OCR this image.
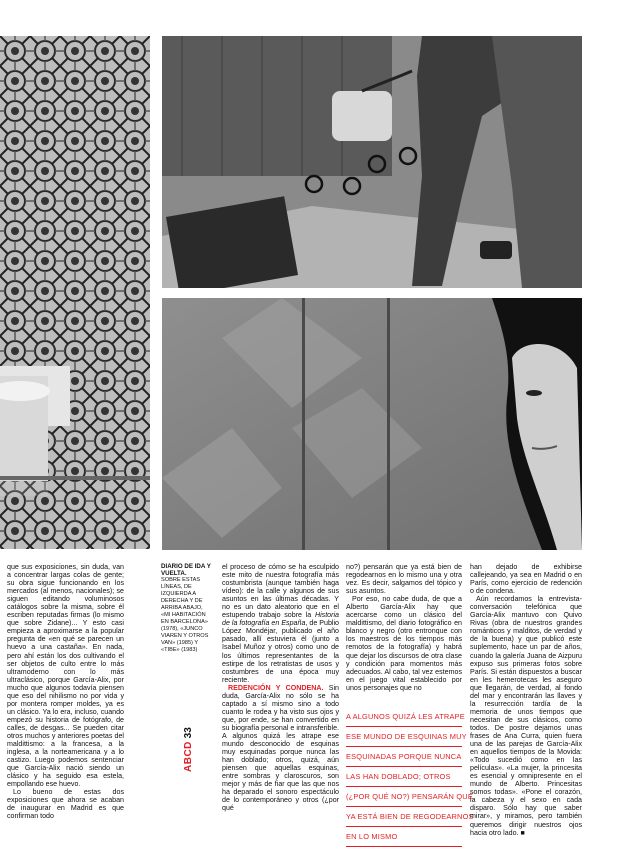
que sus exposiciones, sin duda, van a concentrar largas colas de gente; su obra sigue funcionando en los mercados (al menos, nacionales); se siguen editando voluminosos catálogos sobre la misma, sobre él escriben reputadas firmas (lo mismo que sobre Zidane)... Y esto casi empieza a aproximarse a la popular pregunta de «en qué se parecen un huevo a una castaña». En nada, pero ahí están los dos cultivando el ser objetos de culto entre lo más ultramoderno con lo más ultraclásico, porque García-Alix, por mucho que algunos todavía piensen que eso del nihilismo no por vida y por montera romper moldes, ya es un clásico. Ya lo era, incluso, cuando empezó su historia de fotógrafo, de calles, de desgas... Se pueden citar otros muchos y anteriores poetas del maldittismo: a la francesa, a la inglesa, a la norteamericana y a lo castizo. Luego podemos sentenciar que García-Alix nació siendo un clásico y ha seguido esa estela, empollando ese huevo.

Lo bueno de estas dos exposiciones que ahora se acaban de inaugurar en Madrid es que confirman todo

DIARIO DE IDA Y VUELTA.
SOBRE ESTAS LÍNEAS, DE IZQUIERDA A DERECHA Y DE ARRIBA ABAJO, «MI HABITACIÓN EN BARCELONA» (1978), «JUNCO VIAREN Y OTROS VAN» (1985) Y «TIBE» (1983)

el proceso de cómo se ha esculpido este mito de nuestra fotografía más costumbrista (aunque también haga vídeo): de la calle y algunos de sus asuntos en las últimas décadas. Y no es un dato aleatorio que en el estupendo trabajo sobre la Historia de la fotografía en España, de Publio López Mondéjar, publicado el año pasado, allí estuviera él (junto a Isabel Muñoz y otros) como uno de los últimos representantes de la estirpe de los retratistas de usos y costumbres de una época muy reciente.

REDENCIÓN Y CONDENA. Sin duda, García-Alix no sólo se ha captado a sí mismo sino a todo cuanto le rodea y ha visto sus ojos y que, por ende, se han convertido en su biografía personal e intransferible. A algunos quizá les atrape ese mundo desconocido de esquinas muy esquinadas porque nunca las han doblado; otros, quizá, aún piensen que aquellas esquinas, entre sombras y claroscuros, son mejor y más de fiar que las que nos ha deparado el sonoro espectáculo de lo contemporáneo y otros (¿por qué

no?) pensarán que ya está bien de regodearnos en lo mismo una y otra vez. Es decir, salgamos del tópico y sus asuntos.

Por eso, no cabe duda, de que a Alberto García-Alix hay que acercarse como un clásico del maldittismo, del diario fotográfico en blanco y negro (otro entronque con los maestros de los tiempos más remotos de la fotografía) y habrá que dejar los discursos de otra clase y condición para momentos más adecuados. Al cabo, tal vez estemos en el juego vital establecido por unos personajes que no

A ALGUNOS QUIZÁ LES ATRAPE
ESE MUNDO DE ESQUINAS MUY
ESQUINADAS PORQUE NUNCA
LAS HAN DOBLADO; OTROS
(¿POR QUÉ NO?) PENSARÁN QUÉ
YA ESTÁ BIEN DE REGODEARNOS
EN LO MISMO

han dejado de exhibirse callejeando, ya sea en Madrid o en París, como ejercicio de redención o de condena.

Aún recordamos la entrevista-conversación telefónica que García-Alix mantuvo con Quivo Rivas (obra de nuestros grandes románticos y malditos, de verdad y de la buena) y que publicó este suplemento, hace un par de años, cuando la galería Juana de Aizpuru expuso sus primeras fotos sobre París. Si están dispuestos a buscar en les hemerotecas les aseguro que llegarán, de verdad, al fondo del mar y encontrarán las llaves y la resurrección tardía de la memoria de unos tiempos que necesitan de sus clásicos, como todos. De postre dejamos unas frases de Ana Curra, quien fuera una de las parejas de García-Alix en aquellos tiempos de la Movida: «Todo sucedió como en las películas». «La mujer, la princesita es esencial y omnipresente en el mundo de Alberto. Princesitas somos todas». «Pone el corazón, la cabeza y el sexo en cada disparo. Sólo hay que saber mirar», y miramos, pero también queremos dirigir nuestros ojos hacia otro lado. ■

ABCD 33
